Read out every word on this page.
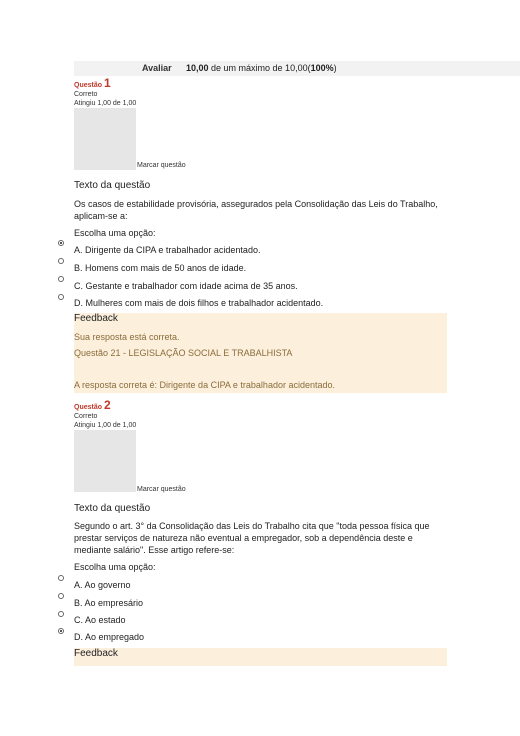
Avaliar 10,00 de um máximo de 10,00(100%)
Questão 1
Correto
Atingiu 1,00 de 1,00
Marcar questão
Texto da questão
Os casos de estabilidade provisória, assegurados pela Consolidação das Leis do Trabalho, aplicam-se a:
Escolha uma opção:
A. Dirigente da CIPA e trabalhador acidentado.
B. Homens com mais de 50 anos de idade.
C. Gestante e trabalhador com idade acima de 35 anos.
D. Mulheres com mais de dois filhos e trabalhador acidentado.
Feedback
Sua resposta está correta.
Questão 21 - LEGISLAÇÃO SOCIAL E TRABALHISTA
A resposta correta é: Dirigente da CIPA e trabalhador acidentado.
Questão 2
Correto
Atingiu 1,00 de 1,00
Marcar questão
Texto da questão
Segundo o art. 3° da Consolidação das Leis do Trabalho cita que "toda pessoa física que prestar serviços de natureza não eventual a empregador, sob a dependência deste e mediante salário". Esse artigo refere-se:
Escolha uma opção:
A. Ao governo
B. Ao empresário
C. Ao estado
D. Ao empregado
Feedback
